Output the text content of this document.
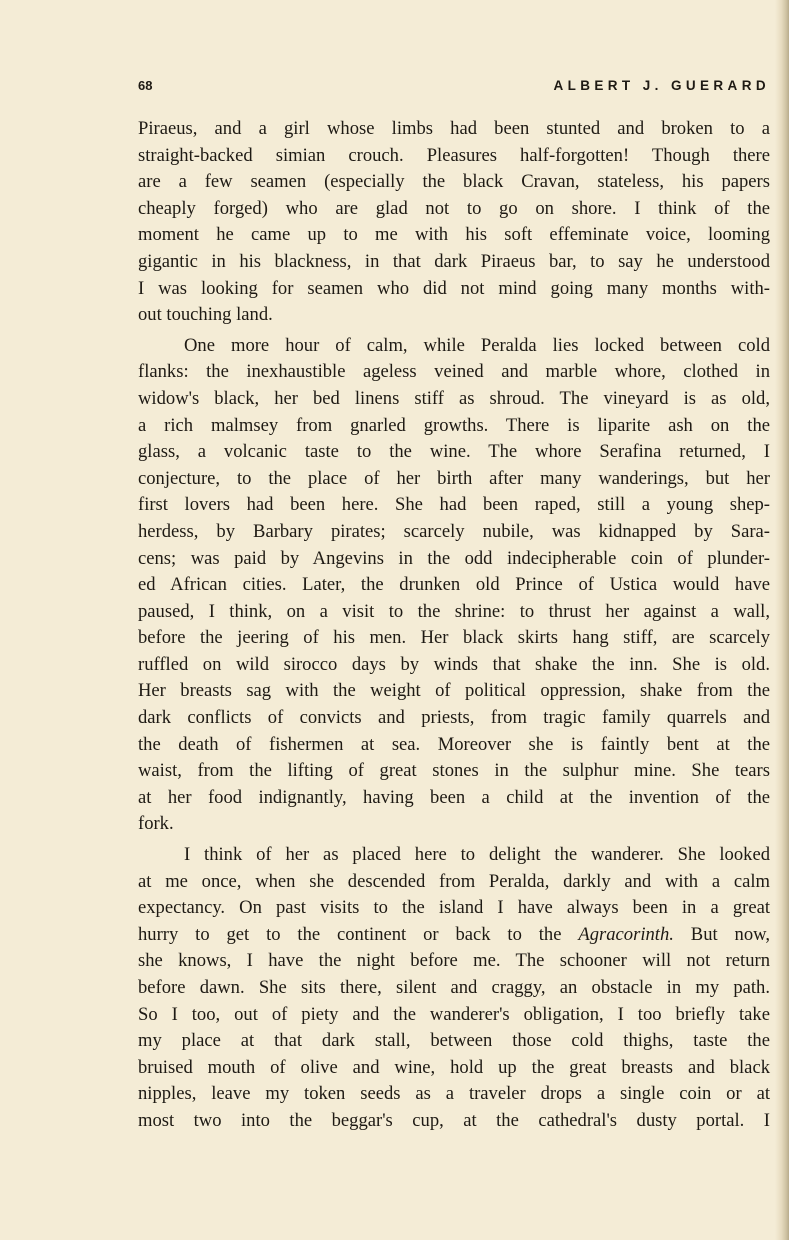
68	ALBERT J. GUERARD
Piraeus, and a girl whose limbs had been stunted and broken to a
straight-backed simian crouch. Pleasures half-forgotten! Though there
are a few seamen (especially the black Cravan, stateless, his papers
cheaply forged) who are glad not to go on shore. I think of the
moment he came up to me with his soft effeminate voice, looming
gigantic in his blackness, in that dark Piraeus bar, to say he understood
I was looking for seamen who did not mind going many months with-
out touching land.
One more hour of calm, while Peralda lies locked between cold
flanks: the inexhaustible ageless veined and marble whore, clothed in
widow's black, her bed linens stiff as shroud. The vineyard is as old,
a rich malmsey from gnarled growths. There is liparite ash on the
glass, a volcanic taste to the wine. The whore Serafina returned, I
conjecture, to the place of her birth after many wanderings, but her
first lovers had been here. She had been raped, still a young shep-
herdess, by Barbary pirates; scarcely nubile, was kidnapped by Sara-
cens; was paid by Angevins in the odd indecipherable coin of plunder-
ed African cities. Later, the drunken old Prince of Ustica would have
paused, I think, on a visit to the shrine: to thrust her against a wall,
before the jeering of his men. Her black skirts hang stiff, are scarcely
ruffled on wild sirocco days by winds that shake the inn. She is old.
Her breasts sag with the weight of political oppression, shake from the
dark conflicts of convicts and priests, from tragic family quarrels and
the death of fishermen at sea. Moreover she is faintly bent at the
waist, from the lifting of great stones in the sulphur mine. She tears
at her food indignantly, having been a child at the invention of the
fork.
I think of her as placed here to delight the wanderer. She looked
at me once, when she descended from Peralda, darkly and with a calm
expectancy. On past visits to the island I have always been in a great
hurry to get to the continent or back to the Agracorinth. But now,
she knows, I have the night before me. The schooner will not return
before dawn. She sits there, silent and craggy, an obstacle in my path.
So I too, out of piety and the wanderer's obligation, I too briefly take
my place at that dark stall, between those cold thighs, taste the
bruised mouth of olive and wine, hold up the great breasts and black
nipples, leave my token seeds as a traveler drops a single coin or at
most two into the beggar's cup, at the cathedral's dusty portal. I
